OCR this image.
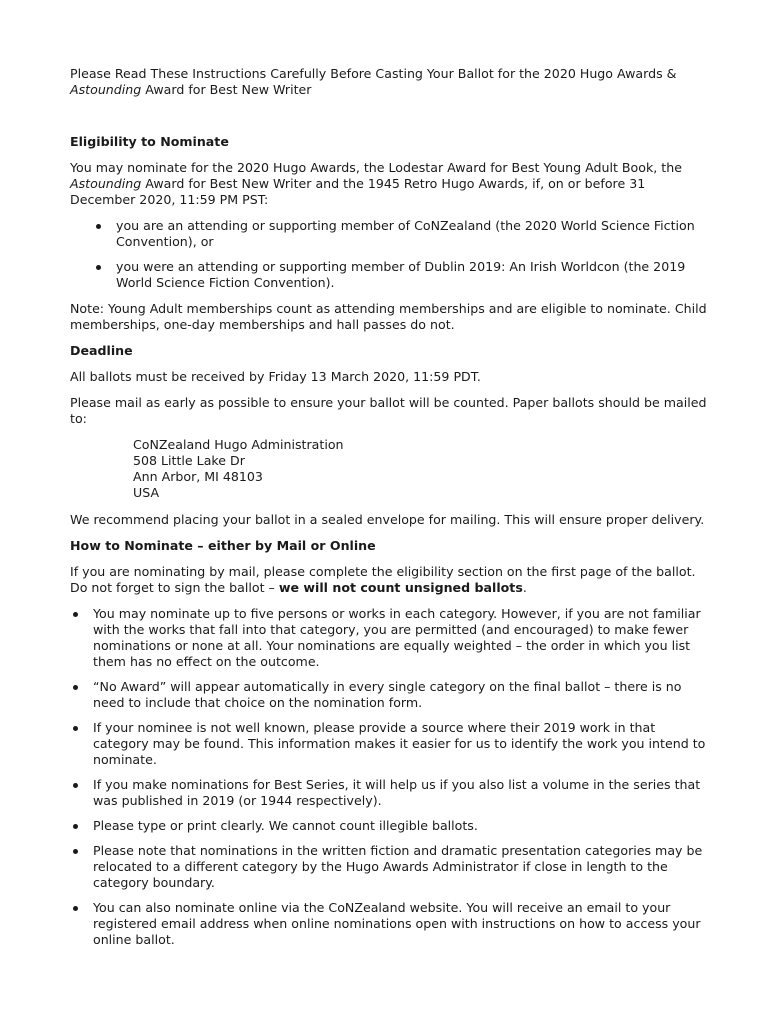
Please Read These Instructions Carefully Before Casting Your Ballot for the 2020 Hugo Awards &
Astounding Award for Best New Writer

Eligibility to Nominate

You may nominate for the 2020 Hugo Awards, the Lodestar Award for Best Young Adult Book, the Astounding Award for Best New Writer and the 1945 Retro Hugo Awards, if, on or before 31 December 2020, 11:59 PM PST:

you are an attending or supporting member of CoNZealand (the 2020 World Science Fiction Convention), or
you were an attending or supporting member of Dublin 2019: An Irish Worldcon (the 2019 World Science Fiction Convention).

Note: Young Adult memberships count as attending memberships and are eligible to nominate. Child memberships, one-day memberships and hall passes do not.

Deadline

All ballots must be received by Friday 13 March 2020, 11:59 PDT.

Please mail as early as possible to ensure your ballot will be counted. Paper ballots should be mailed to:

CoNZealand Hugo Administration
508 Little Lake Dr
Ann Arbor, MI 48103
USA

We recommend placing your ballot in a sealed envelope for mailing. This will ensure proper delivery.

How to Nominate – either by Mail or Online

If you are nominating by mail, please complete the eligibility section on the first page of the ballot. Do not forget to sign the ballot – we will not count unsigned ballots.

You may nominate up to five persons or works in each category. However, if you are not familiar with the works that fall into that category, you are permitted (and encouraged) to make fewer nominations or none at all. Your nominations are equally weighted – the order in which you list them has no effect on the outcome.
“No Award” will appear automatically in every single category on the final ballot – there is no need to include that choice on the nomination form.
If your nominee is not well known, please provide a source where their 2019 work in that category may be found. This information makes it easier for us to identify the work you intend to nominate.
If you make nominations for Best Series, it will help us if you also list a volume in the series that was published in 2019 (or 1944 respectively).
Please type or print clearly. We cannot count illegible ballots.
Please note that nominations in the written fiction and dramatic presentation categories may be relocated to a different category by the Hugo Awards Administrator if close in length to the category boundary.
You can also nominate online via the CoNZealand website. You will receive an email to your registered email address when online nominations open with instructions on how to access your online ballot.
